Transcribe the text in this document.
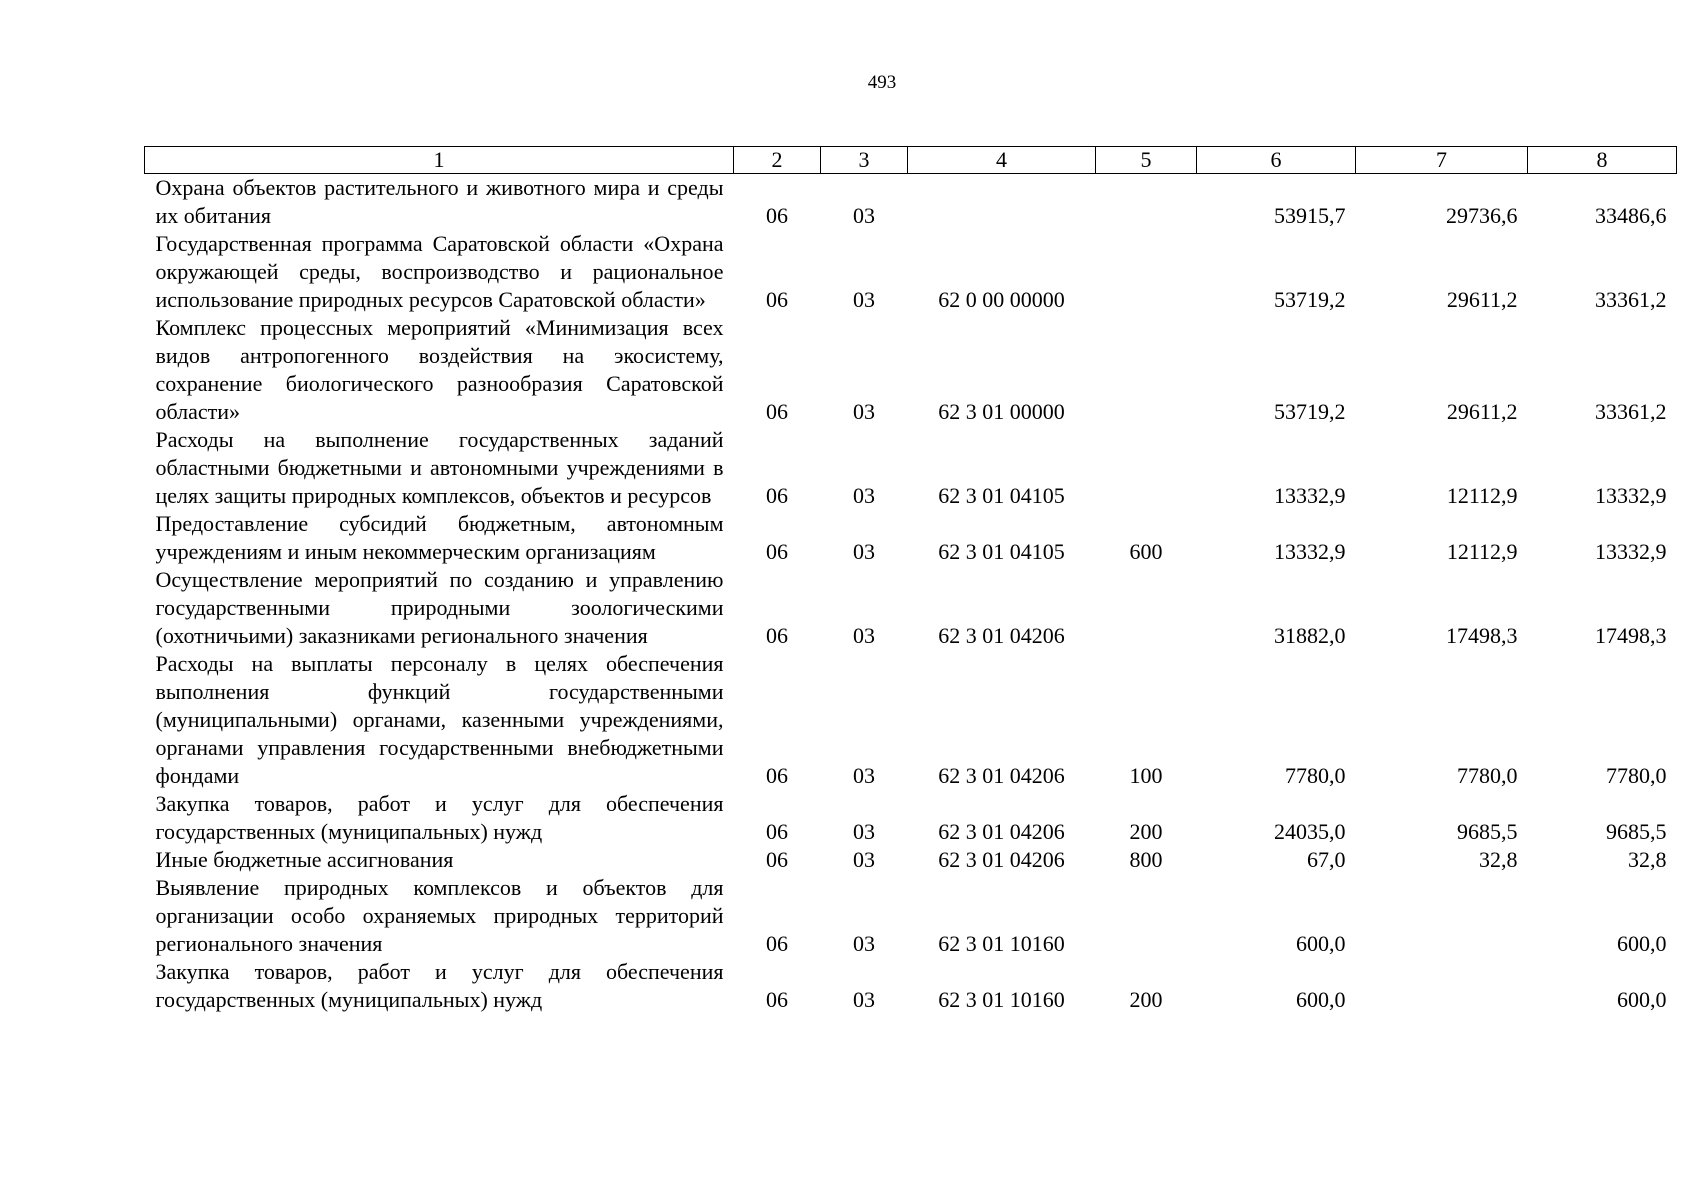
493
1	2	3	4	5	6	7	8
Охрана объектов растительного и животного мира и среды их обитания	06	03			53915,7	29736,6	33486,6
Государственная программа Саратовской области «Охрана окружающей среды, воспроизводство и рациональное использование природных ресурсов Саратовской области»	06	03	62 0 00 00000		53719,2	29611,2	33361,2
Комплекс процессных мероприятий «Минимизация всех видов антропогенного воздействия на экосистему, сохранение биологического разнообразия Саратовской области»	06	03	62 3 01 00000		53719,2	29611,2	33361,2
Расходы на выполнение государственных заданий областными бюджетными и автономными учреждениями в целях защиты природных комплексов, объектов и ресурсов	06	03	62 3 01 04105		13332,9	12112,9	13332,9
Предоставление субсидий бюджетным, автономным учреждениям и иным некоммерческим организациям	06	03	62 3 01 04105	600	13332,9	12112,9	13332,9
Осуществление мероприятий по созданию и управлению государственными природными зоологическими (охотничьими) заказниками регионального значения	06	03	62 3 01 04206		31882,0	17498,3	17498,3
Расходы на выплаты персоналу в целях обеспечения выполнения функций государственными (муниципальными) органами, казенными учреждениями, органами управления государственными внебюджетными фондами	06	03	62 3 01 04206	100	7780,0	7780,0	7780,0
Закупка товаров, работ и услуг для обеспечения государственных (муниципальных) нужд	06	03	62 3 01 04206	200	24035,0	9685,5	9685,5
Иные бюджетные ассигнования	06	03	62 3 01 04206	800	67,0	32,8	32,8
Выявление природных комплексов и объектов для организации особо охраняемых природных территорий регионального значения	06	03	62 3 01 10160		600,0		600,0
Закупка товаров, работ и услуг для обеспечения государственных (муниципальных) нужд	06	03	62 3 01 10160	200	600,0		600,0
